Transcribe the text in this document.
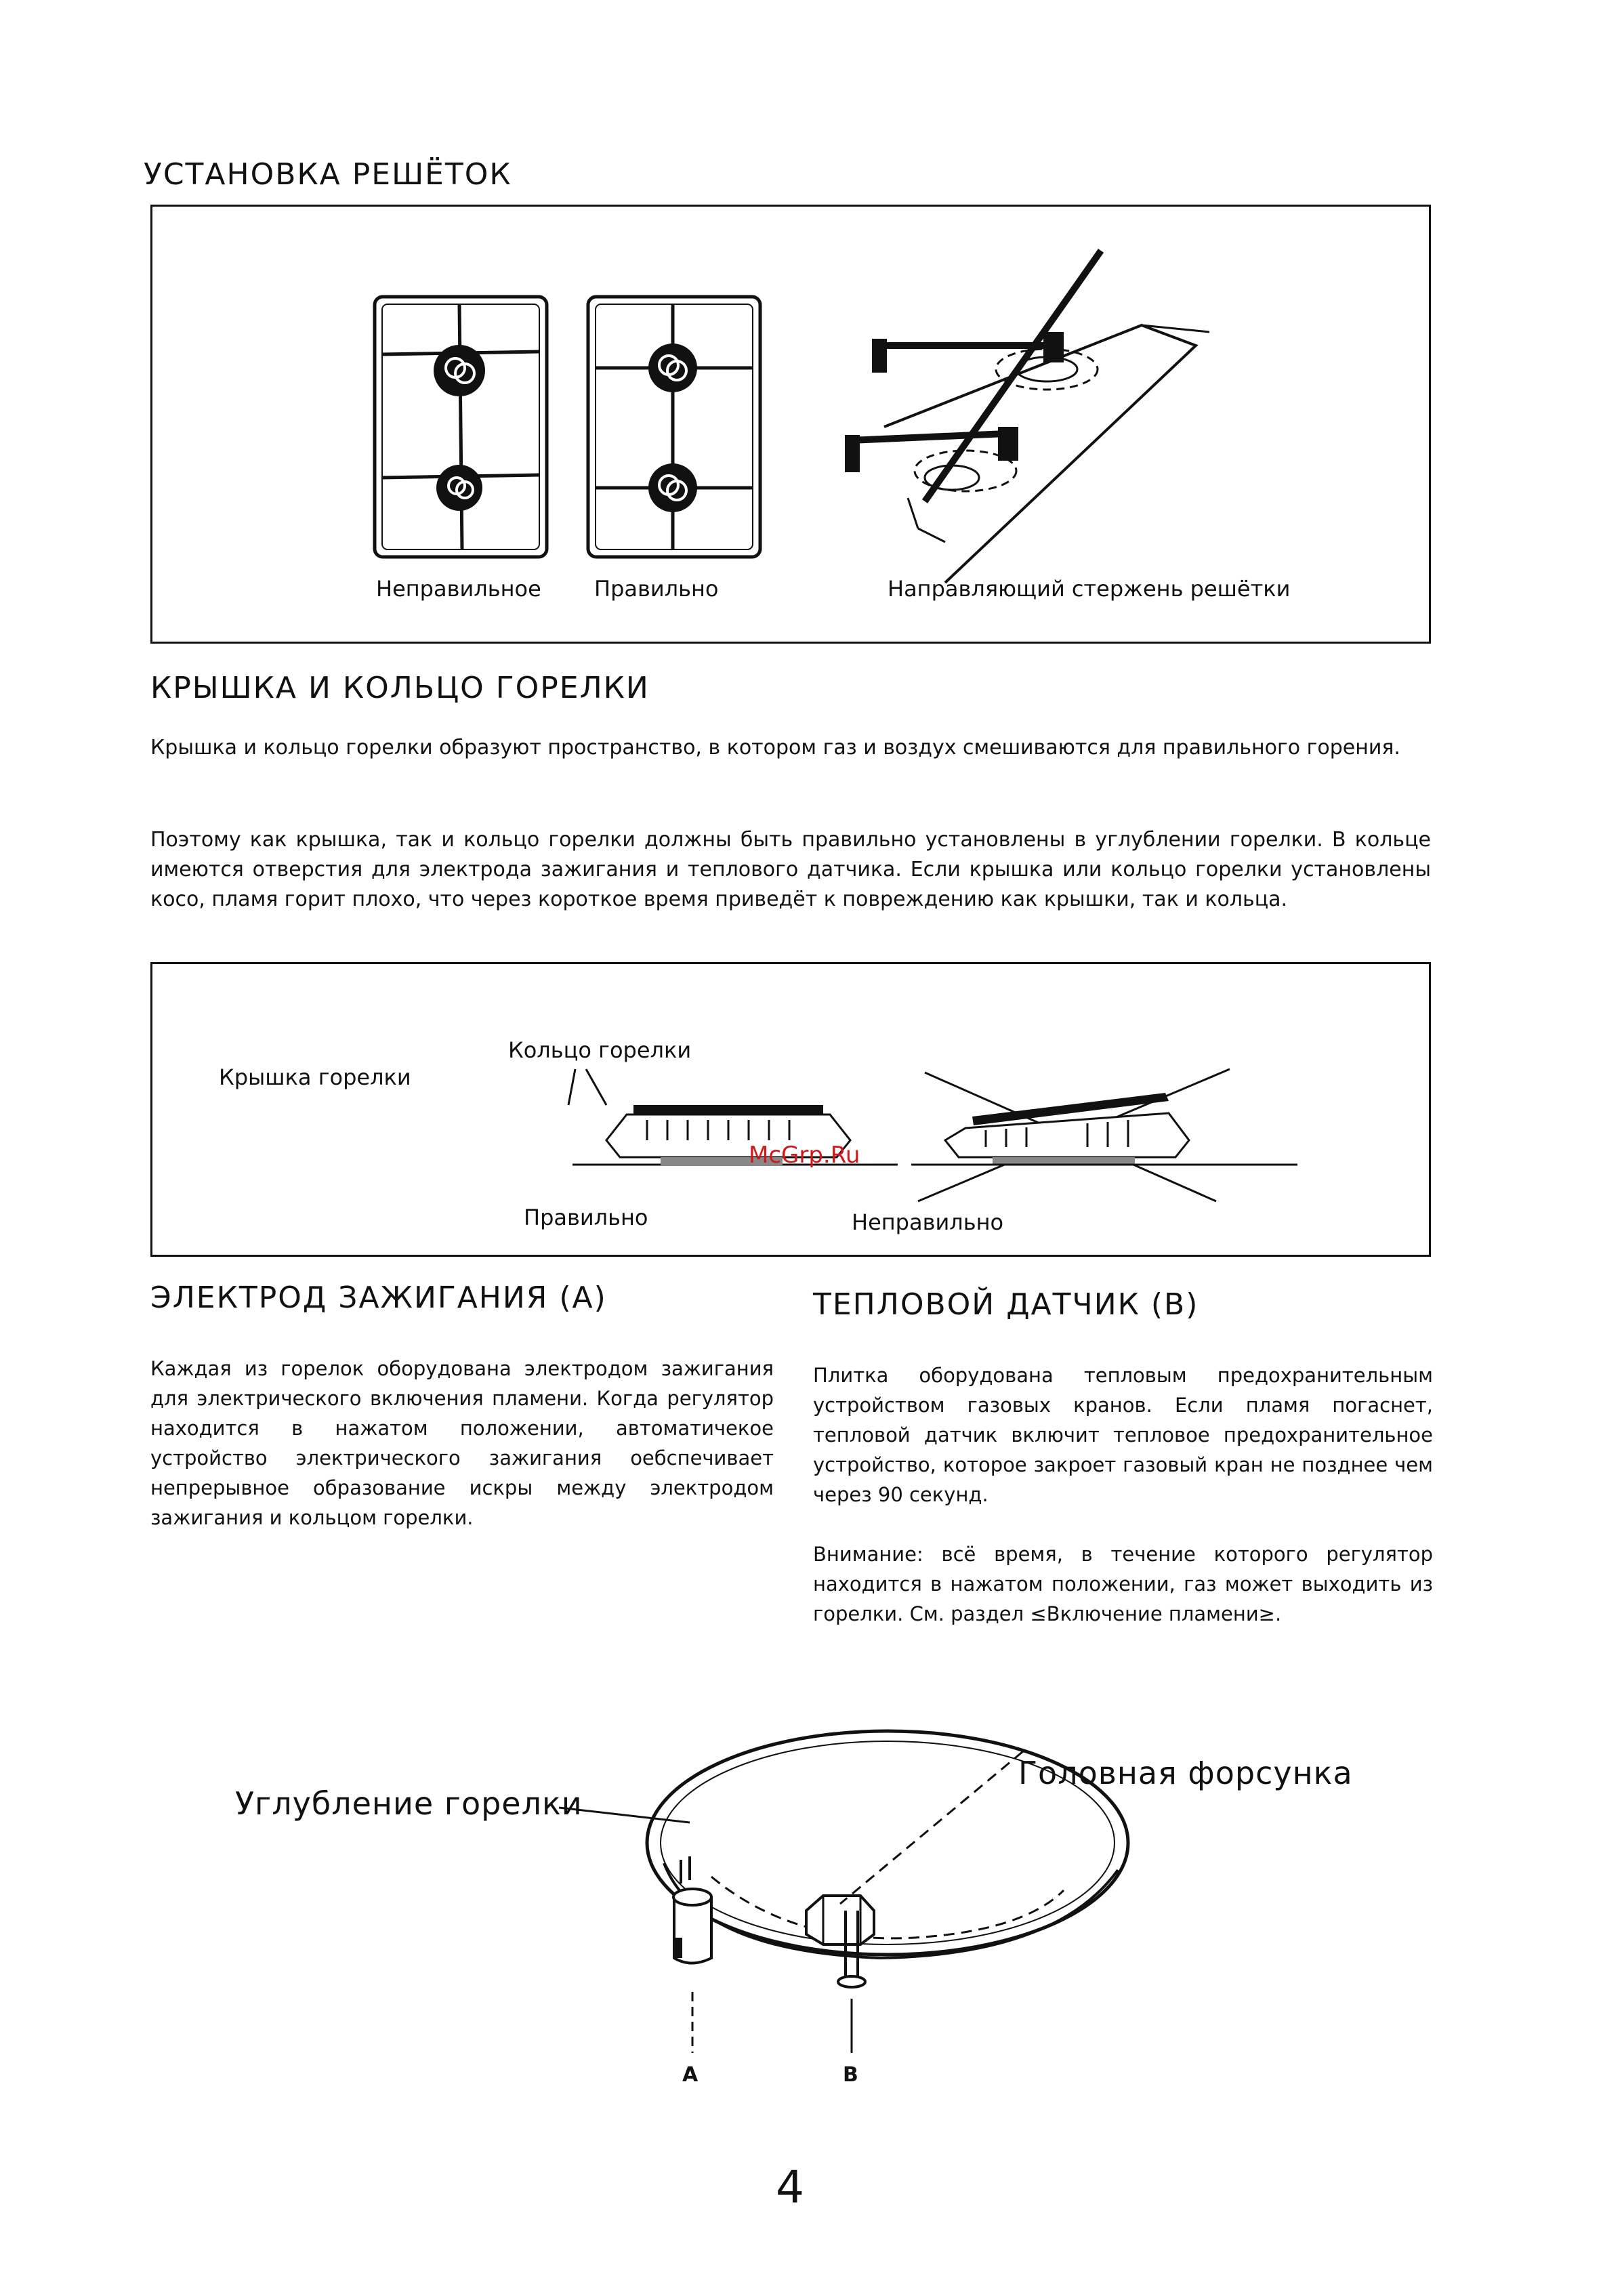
УСТАНОВКА РЕШЁТОК
Неправильное Правильно	Направляющий стержень решётки
КРЫШКА И КОЛЬЦО ГОРЕЛКИ

Крышка и кольцо горелки образуют пространство, в котором газ и воздух смешиваются для правильного горения.

Поэтому как крышка, так и кольцо горелки должны быть правильно установлены в углублении горелки. В кольце имеются отверстия для электрода зажигания и теплового датчика. Если крышка или кольцо горелки установлены косо, пламя горит плохо, что через короткое время приведёт к повреждению как крышки, так и кольца.

Кольцо горелки
Крышка горелки
McGrp.Ru
Правильно	Неправильно
ЭЛЕКТРОД ЗАЖИГАНИЯ (А)

Каждая из горелок оборудована электродом зажигания для электрического включения пламени. Когда регулятор находится в нажатом положении, автоматичекое устройство электрического зажигания оебспечивает непрерывное образование искры между электродом зажигания и кольцом горелки.

ТЕПЛОВОЙ ДАТЧИК (В)

Плитка оборудована тепловым предохранительным устройством газовых кранов. Если пламя погаснет, тепловой датчик включит тепловое предохранительное устройство, которое закроет газовый кран не позднее чем через 90 секунд.

Внимание: всё время, в течение которого регулятор находится в нажатом положении, газ может выходить из горелки. См. раздел ≤Включение пламени≥.

Углубление горелки
Головная форсунка
A	B
4
